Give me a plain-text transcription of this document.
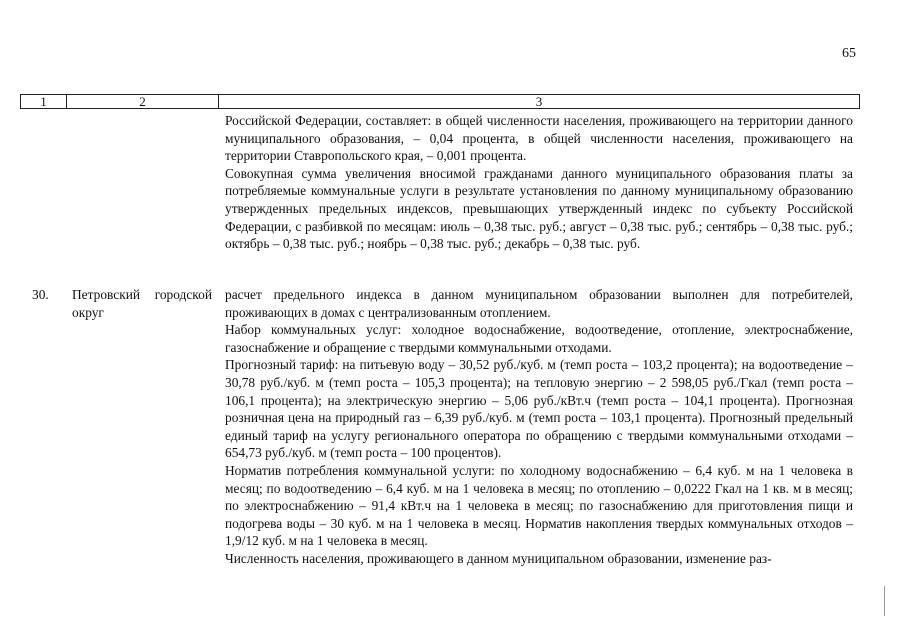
65
1	2	3

Российской Федерации, составляет: в общей численности населения, проживающего на территории данного муниципального образования, – 0,04 процента, в общей численности населения, проживающего на территории Ставропольского края, – 0,001 процента.

Совокупная сумма увеличения вносимой гражданами данного муниципального образования платы за потребляемые коммунальные услуги в результате установления по данному муниципальному образованию утвержденных предельных индексов, превышающих утвержденный индекс по субъекту Российской Федерации, с разбивкой по месяцам: июль – 0,38 тыс. руб.; август – 0,38 тыс. руб.; сентябрь – 0,38 тыс. руб.; октябрь – 0,38 тыс. руб.; ноябрь – 0,38 тыс. руб.; декабрь – 0,38 тыс. руб.

30. Петровский городской округ

расчет предельного индекса в данном муниципальном образовании выполнен для потребителей, проживающих в домах с централизованным отоплением.

Набор коммунальных услуг: холодное водоснабжение, водоотведение, отопление, электроснабжение, газоснабжение и обращение с твердыми коммунальными отходами.

Прогнозный тариф: на питьевую воду – 30,52 руб./куб. м (темп роста – 103,2 процента); на водоотведение – 30,78 руб./куб. м (темп роста – 105,3 процента); на тепловую энергию – 2 598,05 руб./Гкал (темп роста – 106,1 процента); на электрическую энергию – 5,06 руб./кВт.ч (темп роста – 104,1 процента). Прогнозная розничная цена на природный газ – 6,39 руб./куб. м (темп роста – 103,1 процента). Прогнозный предельный единый тариф на услугу регионального оператора по обращению с твердыми коммунальными отходами – 654,73 руб./куб. м (темп роста – 100 процентов).

Норматив потребления коммунальной услуги: по холодному водоснабжению – 6,4 куб. м на 1 человека в месяц; по водоотведению – 6,4 куб. м на 1 человека в месяц; по отоплению – 0,0222 Гкал на 1 кв. м в месяц; по электроснабжению – 91,4 кВт.ч на 1 человека в месяц; по газоснабжению для приготовления пищи и подогрева воды – 30 куб. м на 1 человека в месяц. Норматив накопления твердых коммунальных отходов – 1,9/12 куб. м на 1 человека в месяц.

Численность населения, проживающего в данном муниципальном образовании, изменение раз-
